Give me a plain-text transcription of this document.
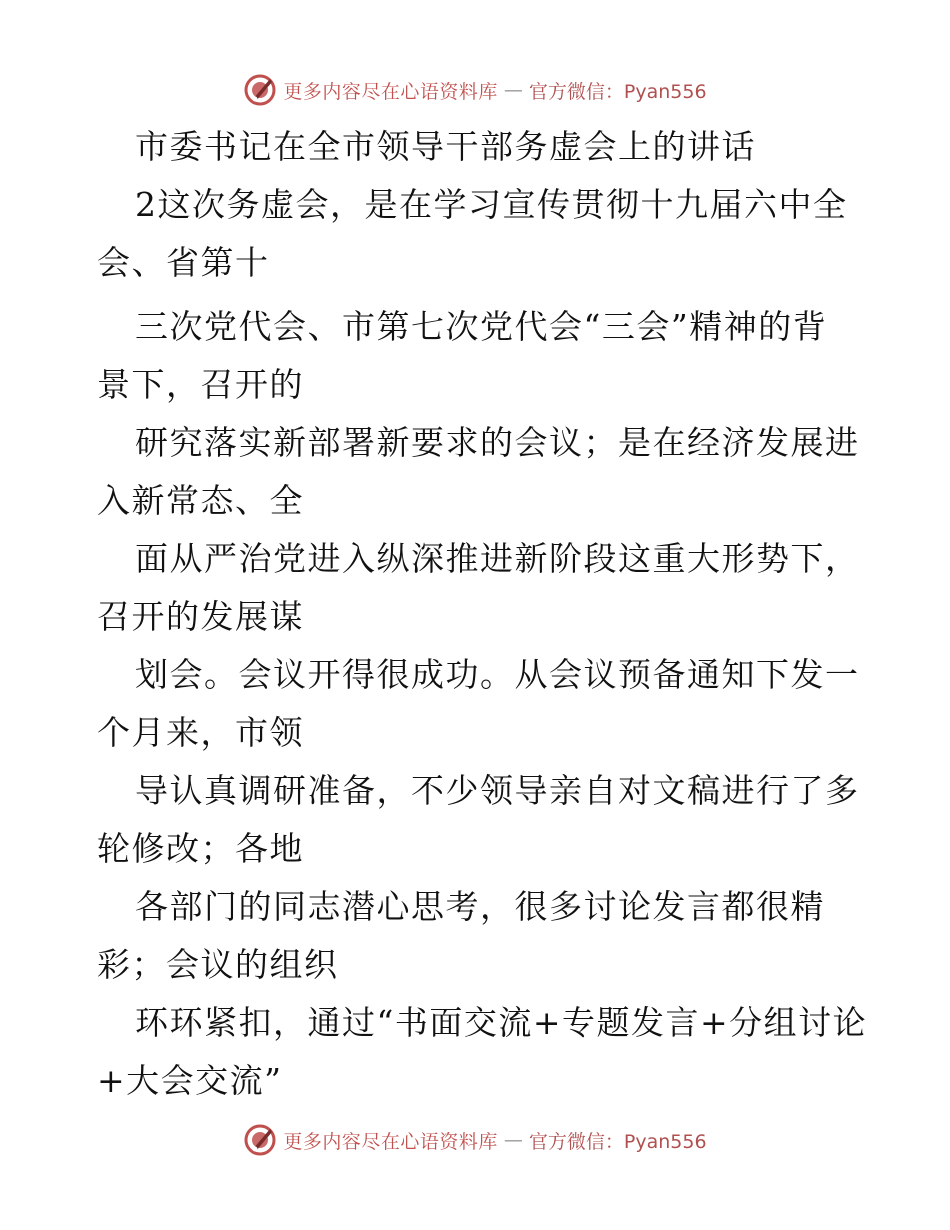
更多内容尽在心语资料库 — 官方微信：Pyan556
市委书记在全市领导干部务虚会上的讲话
2这次务虚会，是在学习宣传贯彻十九届六中全
会、省第十
三次党代会、市第七次党代会“三会”精神的背
景下，召开的
研究落实新部署新要求的会议；是在经济发展进
入新常态、全
面从严治党进入纵深推进新阶段这重大形势下，
召开的发展谋
划会。会议开得很成功。从会议预备通知下发一
个月来，市领
导认真调研准备，不少领导亲自对文稿进行了多
轮修改；各地
各部门的同志潜心思考，很多讨论发言都很精
彩；会议的组织
环环紧扣，通过“书面交流+专题发言+分组讨论
+大会交流”
更多内容尽在心语资料库 — 官方微信：Pyan556
